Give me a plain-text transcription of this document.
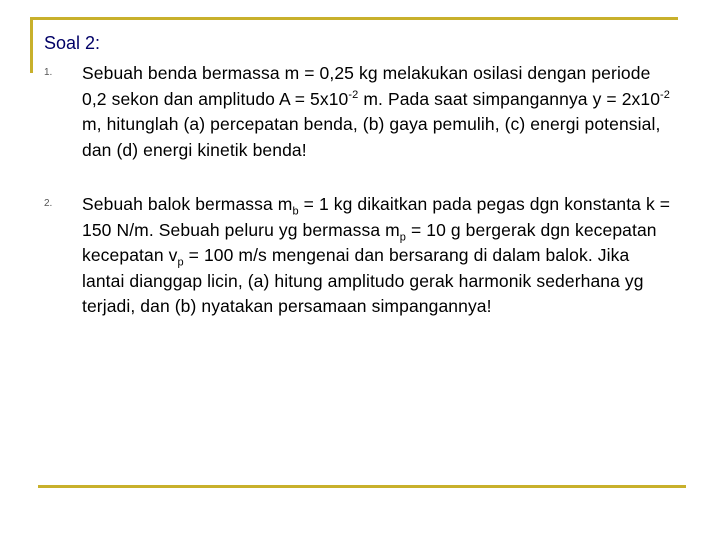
Soal 2:
1. Sebuah benda bermassa m = 0,25 kg melakukan osilasi dengan periode 0,2 sekon dan amplitudo $A = 5x10^{-2}$ m. Pada saat simpangannya $y = 2x10^{-2}$ m, hitunglah (a) percepatan benda, (b) gaya pemulih, (c) energi potensial, dan (d) energi kinetik benda!

2. Sebuah balok bermassa $m_b = 1$ kg dikaitkan pada pegas dgn konstanta k = 150 N/m. Sebuah peluru yg bermassa $m_p = 10$ g bergerak dgn kecepatan kecepatan $v_p = 100$ m/s mengenai dan bersarang di dalam balok. Jika lantai dianggap licin, (a) hitung amplitudo gerak harmonik sederhana yg terjadi, dan (b) nyatakan persamaan simpangannya!
